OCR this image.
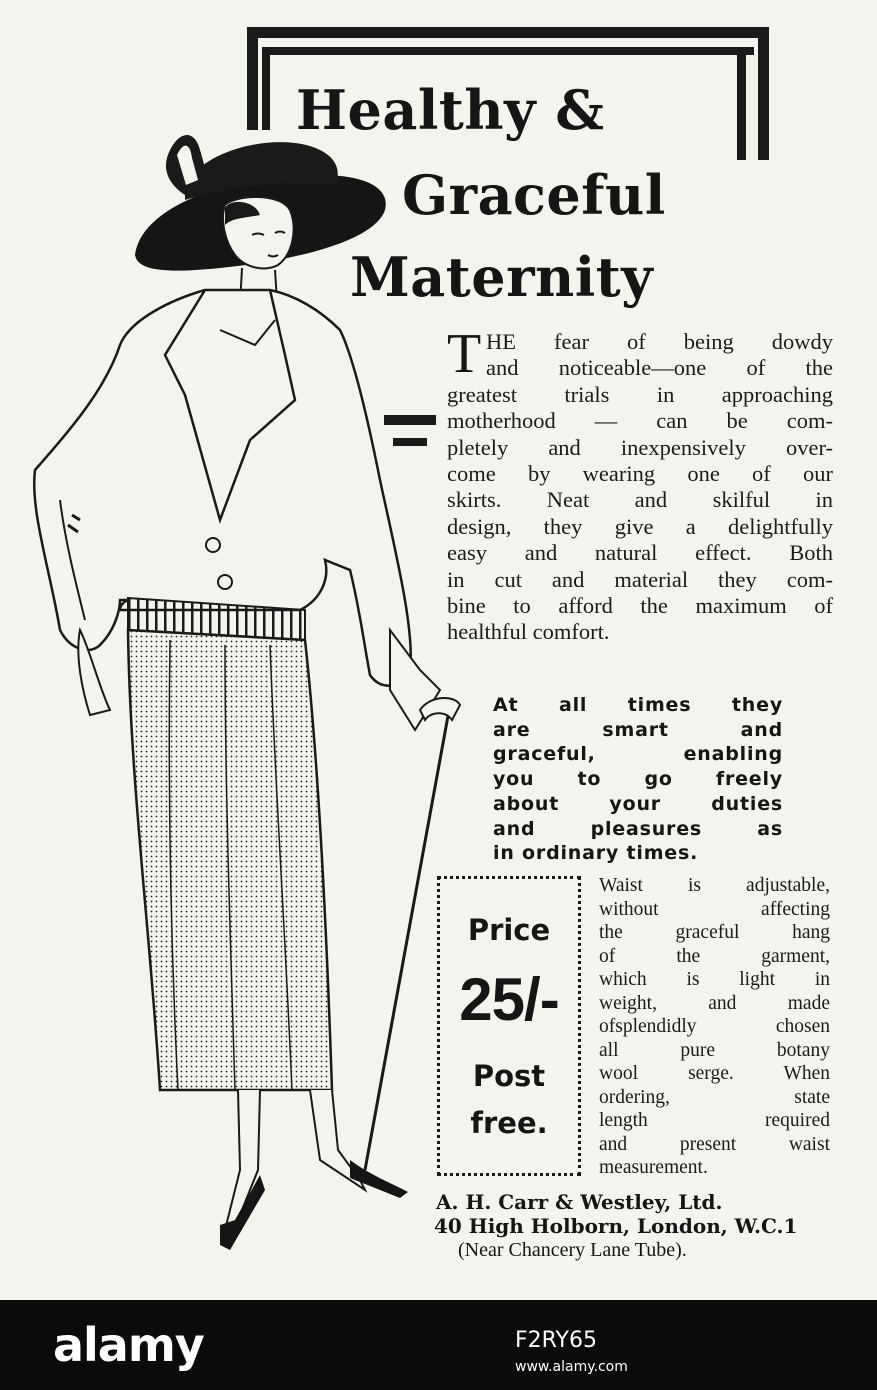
Healthy &
Graceful
Maternity
T HE fear of being dowdy
and noticeable—one of the
greatest trials in approaching
motherhood — can be com-
pletely and inexpensively over-
come by wearing one of our
skirts. Neat and skilful in
design, they give a delightfully
easy and natural effect. Both
in cut and material they com-
bine to afford the maximum of
healthful comfort.
At all times they
are smart and
graceful, enabling
you to go freely
about your duties
and pleasures as
in ordinary times.
Price
25/-
Post
free.
Waist is adjustable,
without affecting
the graceful hang
of the garment,
which is light in
weight, and made
ofsplendidly chosen
all pure botany
wool serge. When
ordering, state
length required
and present waist
measurement.
A. H. Carr & Westley, Ltd.
40 High Holborn, London, W.C.1
(Near Chancery Lane Tube).
alamy	F2RY65
www.alamy.com
